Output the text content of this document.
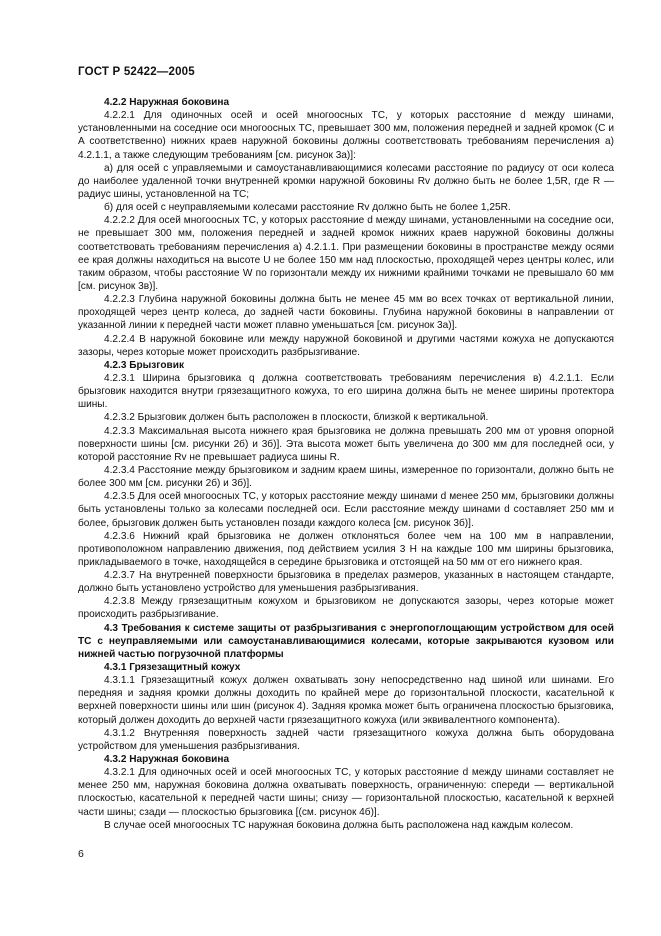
ГОСТ Р 52422—2005

4.2.2 Наружная боковина

4.2.2.1 Для одиночных осей и осей многоосных ТС, у которых расстояние d между шинами, установленными на соседние оси многоосных ТС, превышает 300 мм, положения передней и задней кромок (C и A соответственно) нижних краев наружной боковины должны соответствовать требованиям перечисления а) 4.2.1.1, а также следующим требованиям [см. рисунок 3а)]:

а) для осей с управляемыми и самоустанавливающимися колесами расстояние по радиусу от оси колеса до наиболее удаленной точки внутренней кромки наружной боковины Rv должно быть не более 1,5R, где R — радиус шины, установленной на ТС;

б) для осей с неуправляемыми колесами расстояние Rv должно быть не более 1,25R.

4.2.2.2 Для осей многоосных ТС, у которых расстояние d между шинами, установленными на соседние оси, не превышает 300 мм, положения передней и задней кромок нижних краев наружной боковины должны соответствовать требованиям перечисления а) 4.2.1.1. При размещении боковины в пространстве между осями ее края должны находиться на высоте U не более 150 мм над плоскостью, проходящей через центры колес, или таким образом, чтобы расстояние W по горизонтали между их нижними крайними точками не превышало 60 мм [см. рисунок 3в)].

4.2.2.3 Глубина наружной боковины должна быть не менее 45 мм во всех точках от вертикальной линии, проходящей через центр колеса, до задней части боковины. Глубина наружной боковины в направлении от указанной линии к передней части может плавно уменьшаться [см. рисунок 3а)].

4.2.2.4 В наружной боковине или между наружной боковиной и другими частями кожуха не допускаются зазоры, через которые может происходить разбрызгивание.

4.2.3 Брызговик

4.2.3.1 Ширина брызговика q должна соответствовать требованиям перечисления в) 4.2.1.1. Если брызговик находится внутри грязезащитного кожуха, то его ширина должна быть не менее ширины протектора шины.

4.2.3.2 Брызговик должен быть расположен в плоскости, близкой к вертикальной.

4.2.3.3 Максимальная высота нижнего края брызговика не должна превышать 200 мм от уровня опорной поверхности шины [см. рисунки 2б) и 3б)]. Эта высота может быть увеличена до 300 мм для последней оси, у которой расстояние Rv не превышает радиуса шины R.

4.2.3.4 Расстояние между брызговиком и задним краем шины, измеренное по горизонтали, должно быть не более 300 мм [см. рисунки 2б) и 3б)].

4.2.3.5 Для осей многоосных ТС, у которых расстояние между шинами d менее 250 мм, брызговики должны быть установлены только за колесами последней оси. Если расстояние между шинами d составляет 250 мм и более, брызговик должен быть установлен позади каждого колеса [см. рисунок 3б)].

4.2.3.6 Нижний край брызговика не должен отклоняться более чем на 100 мм в направлении, противоположном направлению движения, под действием усилия 3 Н на каждые 100 мм ширины брызговика, прикладываемого в точке, находящейся в середине брызговика и отстоящей на 50 мм от его нижнего края.

4.2.3.7 На внутренней поверхности брызговика в пределах размеров, указанных в настоящем стандарте, должно быть установлено устройство для уменьшения разбрызгивания.

4.2.3.8 Между грязезащитным кожухом и брызговиком не допускаются зазоры, через которые может происходить разбрызгивание.

4.3 Требования к системе защиты от разбрызгивания с энергопоглощающим устройством для осей ТС с неуправляемыми или самоустанавливающимися колесами, которые закрываются кузовом или нижней частью погрузочной платформы

4.3.1 Грязезащитный кожух

4.3.1.1 Грязезащитный кожух должен охватывать зону непосредственно над шиной или шинами. Его передняя и задняя кромки должны доходить по крайней мере до горизонтальной плоскости, касательной к верхней поверхности шины или шин (рисунок 4). Задняя кромка может быть ограничена плоскостью брызговика, который должен доходить до верхней части грязезащитного кожуха (или эквивалентного компонента).

4.3.1.2 Внутренняя поверхность задней части грязезащитного кожуха должна быть оборудована устройством для уменьшения разбрызгивания.

4.3.2 Наружная боковина

4.3.2.1 Для одиночных осей и осей многоосных ТС, у которых расстояние d между шинами составляет не менее 250 мм, наружная боковина должна охватывать поверхность, ограниченную: спереди — вертикальной плоскостью, касательной к передней части шины; снизу — горизонтальной плоскостью, касательной к верхней части шины; сзади — плоскостью брызговика [(см. рисунок 4б)].

В случае осей многоосных ТС наружная боковина должна быть расположена над каждым колесом.

6
